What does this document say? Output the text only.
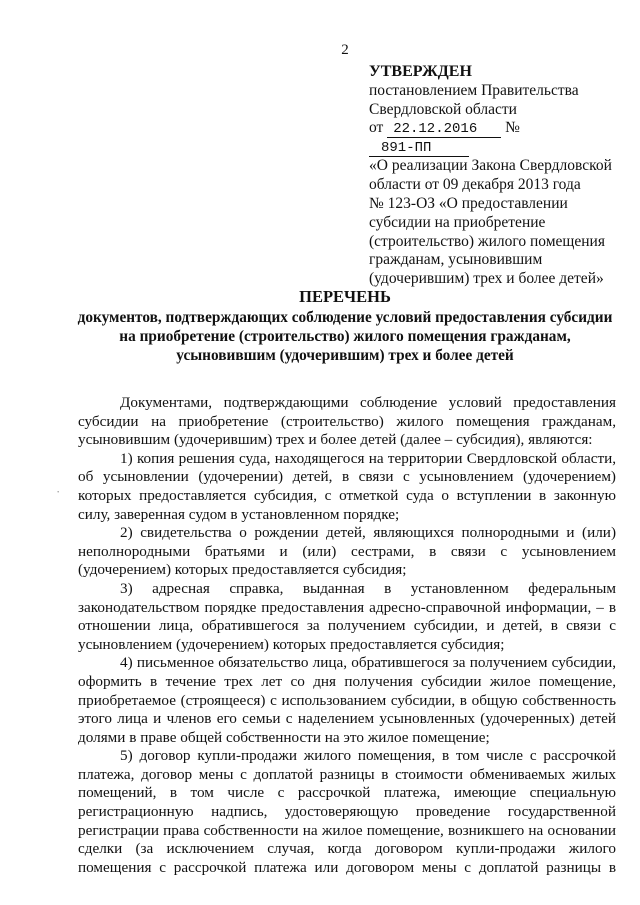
2
УТВЕРЖДЕН
постановлением Правительства
Свердловской области
от 22.12.2016 № 891-ПП
«О реализации Закона Свердловской
области от 09 декабря 2013 года
№ 123-ОЗ «О предоставлении
субсидии на приобретение
(строительство) жилого помещения
гражданам, усыновившим
(удочерившим) трех и более детей»
ПЕРЕЧЕНЬ
документов, подтверждающих соблюдение условий предоставления субсидии
на приобретение (строительство) жилого помещения гражданам,
усыновившим (удочерившим) трех и более детей
·

Документами, подтверждающими соблюдение условий предоставления субсидии на приобретение (строительство) жилого помещения гражданам, усыновившим (удочерившим) трех и более детей (далее – субсидия), являются:

1) копия решения суда, находящегося на территории Свердловской области, об усыновлении (удочерении) детей, в связи с усыновлением (удочерением) которых предоставляется субсидия, с отметкой суда о вступлении в законную силу, заверенная судом в установленном порядке;

2) свидетельства о рождении детей, являющихся полнородными и (или) неполнородными братьями и (или) сестрами, в связи с усыновлением (удочерением) которых предоставляется субсидия;

3) адресная справка, выданная в установленном федеральным законодательством порядке предоставления адресно-справочной информации, – в отношении лица, обратившегося за получением субсидии, и детей, в связи с усыновлением (удочерением) которых предоставляется субсидия;

4) письменное обязательство лица, обратившегося за получением субсидии, оформить в течение трех лет со дня получения субсидии жилое помещение, приобретаемое (строящееся) с использованием субсидии, в общую собственность этого лица и членов его семьи с наделением усыновленных (удочеренных) детей долями в праве общей собственности на это жилое помещение;

5) договор купли-продажи жилого помещения, в том числе с рассрочкой платежа, договор мены с доплатой разницы в стоимости обмениваемых жилых помещений, в том числе с рассрочкой платежа, имеющие специальную регистрационную надпись, удостоверяющую проведение государственной регистрации права собственности на жилое помещение, возникшего на основании сделки (за исключением случая, когда договором купли-продажи жилого помещения с рассрочкой платежа или договором мены с доплатой разницы в
